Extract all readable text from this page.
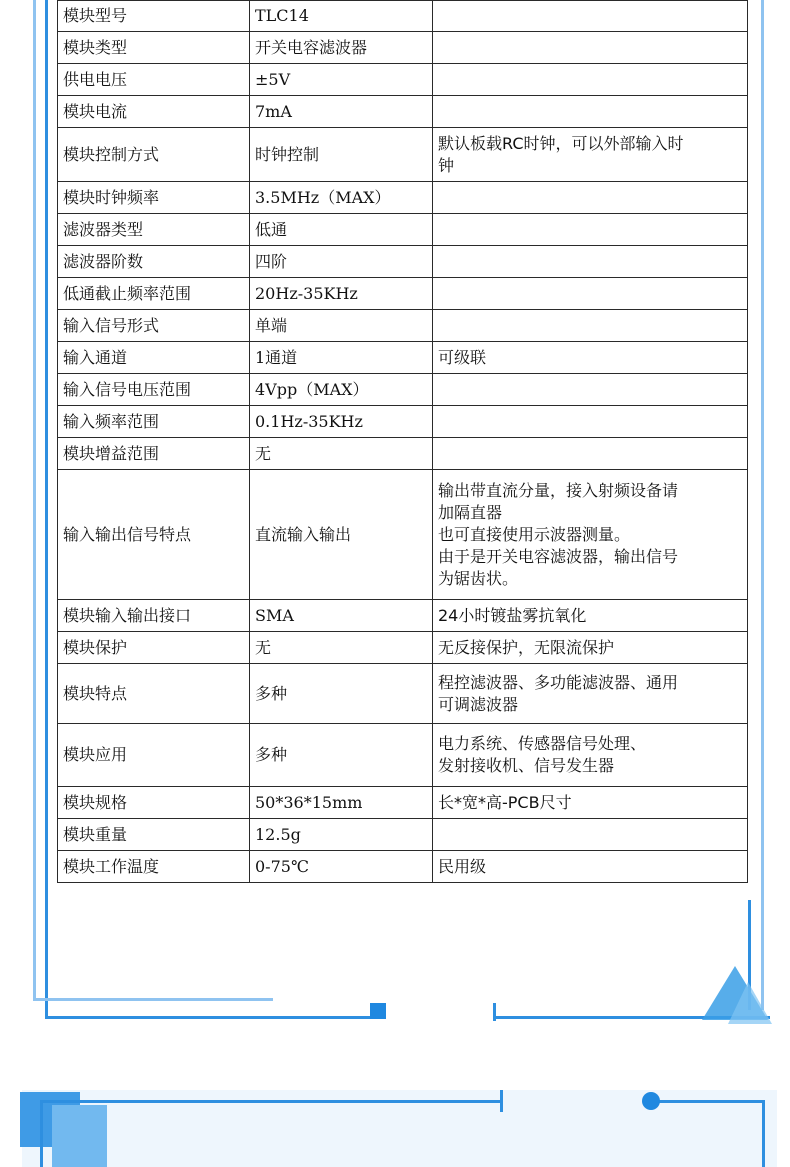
模块型号	TLC14	
模块类型	开关电容滤波器	
供电电压	±5V	
模块电流	7mA	
模块控制方式	时钟控制	默认板载RC时钟，可以外部输入时
钟

模块时钟频率	3.5MHz（MAX）	
滤波器类型	低通	
滤波器阶数	四阶	
低通截止频率范围	20Hz-35KHz	
输入信号形式	单端	
输入通道	1通道	可级联

输入信号电压范围	4Vpp（MAX）	
输入频率范围	0.1Hz-35KHz	
模块增益范围	无	
输入输出信号特点	直流输入输出	输出带直流分量，接入射频设备请
加隔直器
也可直接使用示波器测量。
由于是开关电容滤波器，输出信号
为锯齿状。

模块输入输出接口	SMA	24小时镀盐雾抗氧化

模块保护	无	无反接保护，无限流保护

模块特点	多种	程控滤波器、多功能滤波器、通用
可调滤波器

模块应用	多种	电力系统、传感器信号处理、
发射接收机、信号发生器

模块规格	50*36*15mm	长*宽*高-PCB尺寸

模块重量	12.5g	
模块工作温度	0-75℃	民用级
